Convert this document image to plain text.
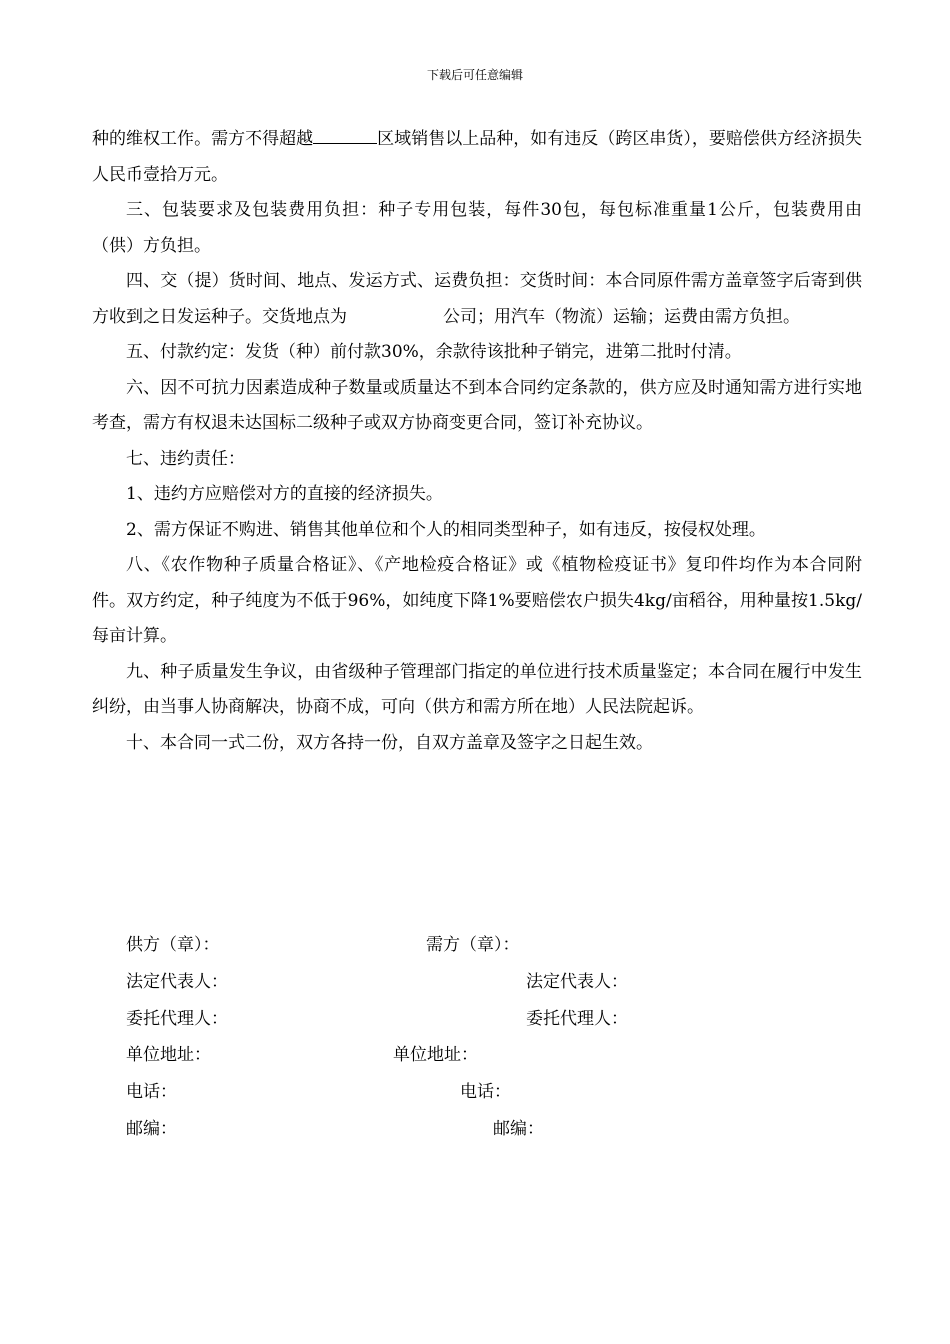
下载后可任意编辑

种的维权工作。需方不得超越	区域销售以上品种，如有违反（跨区串货），要赔偿供方经济损失人民币壹拾万元。

三、包装要求及包装费用负担：种子专用包装，每件30包，每包标准重量1公斤，包装费用由（供）方负担。

四、交（提）货时间、地点、发运方式、运费负担：交货时间：本合同原件需方盖章签字后寄到供方收到之日发运种子。交货地点为	公司；用汽车（物流）运输；运费由需方负担。

五、付款约定：发货（种）前付款30%，余款待该批种子销完，进第二批时付清。

六、因不可抗力因素造成种子数量或质量达不到本合同约定条款的，供方应及时通知需方进行实地考查，需方有权退未达国标二级种子或双方协商变更合同，签订补充协议。

七、违约责任：

1、违约方应赔偿对方的直接的经济损失。

2、需方保证不购进、销售其他单位和个人的相同类型种子，如有违反，按侵权处理。

八、《农作物种子质量合格证》、《产地检疫合格证》或《植物检疫证书》复印件均作为本合同附件。双方约定，种子纯度为不低于96%，如纯度下降1%要赔偿农户损失4kg/亩稻谷，用种量按1.5kg/每亩计算。

九、种子质量发生争议，由省级种子管理部门指定的单位进行技术质量鉴定；本合同在履行中发生纠纷，由当事人协商解决，协商不成，可向（供方和需方所在地）人民法院起诉。

十、本合同一式二份，双方各持一份，自双方盖章及签字之日起生效。

供方（章）：	需方（章）：
法定代表人：	法定代表人：
委托代理人：	委托代理人：
单位地址：	单位地址：
电话：	电话：
邮编：	邮编：
